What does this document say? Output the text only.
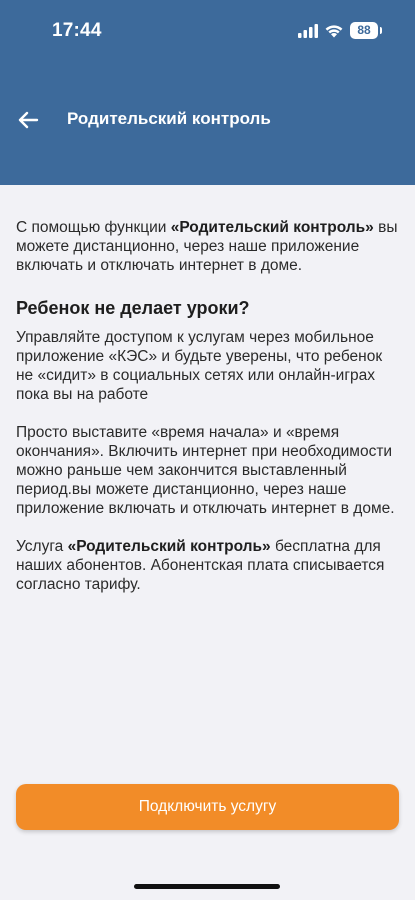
17:44	88
Родительский контроль

С помощью функции «Родительский контроль» вы можете дистанционно, через наше приложение включать и отключать интернет в доме.

Ребенок не делает уроки?

Управляйте доступом к услугам через мобильное приложение «КЭС» и будьте уверены, что ребенок не «сидит» в социальных сетях или онлайн-играх пока вы на работе

Просто выставите «время начала» и «время окончания». Включить интернет при необходимости можно раньше чем закончится выставленный период.вы можете дистанционно, через наше приложение включать и отключать интернет в доме.

Услуга «Родительский контроль» бесплатна для наших абонентов. Абонентская плата списывается согласно тарифу.

Подключить услугу
